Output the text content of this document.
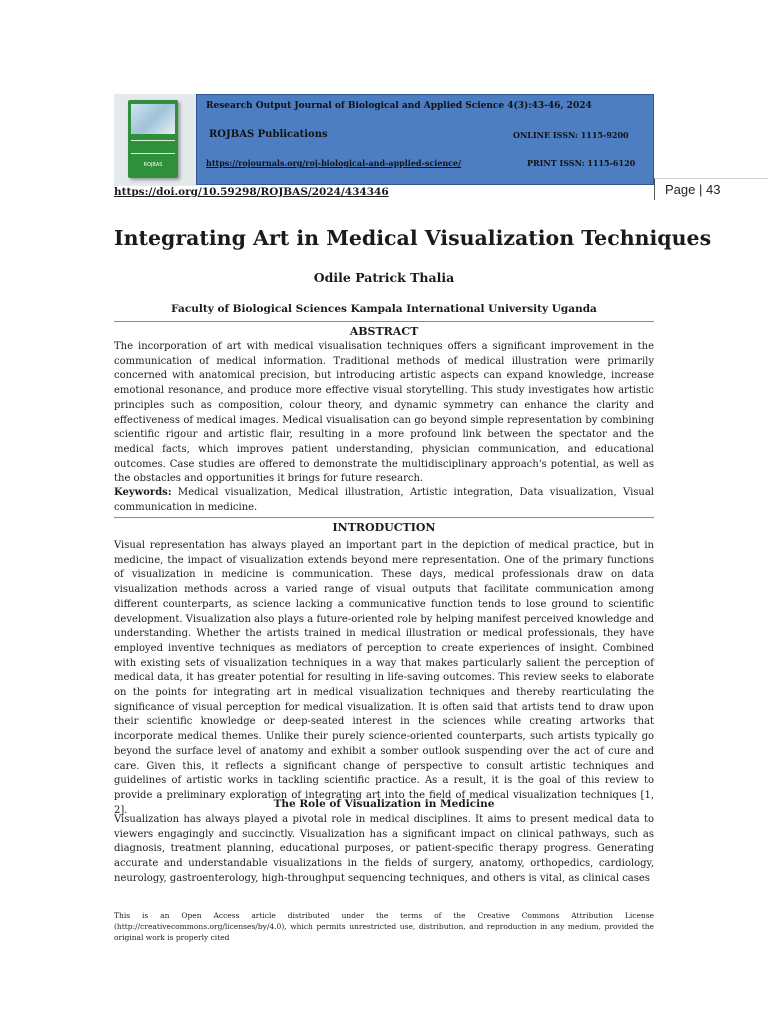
ROJBAS
Research Output Journal of Biological and Applied Science 4(3):43-46, 2024
ROJBAS Publications	ONLINE ISSN: 1115-9200
https://rojournals.org/roj-biological-and-applied-science/	PRINT ISSN: 1115-6120
https://doi.org/10.59298/ROJBAS/2024/434346	Page | 43
Integrating Art in Medical Visualization Techniques
Odile Patrick Thalia
Faculty of Biological Sciences Kampala International University Uganda
ABSTRACT

The incorporation of art with medical visualisation techniques offers a significant improvement in the communication of medical information. Traditional methods of medical illustration were primarily concerned with anatomical precision, but introducing artistic aspects can expand knowledge, increase emotional resonance, and produce more effective visual storytelling. This study investigates how artistic principles such as composition, colour theory, and dynamic symmetry can enhance the clarity and effectiveness of medical images. Medical visualisation can go beyond simple representation by combining scientific rigour and artistic flair, resulting in a more profound link between the spectator and the medical facts, which improves patient understanding, physician communication, and educational outcomes. Case studies are offered to demonstrate the multidisciplinary approach's potential, as well as the obstacles and opportunities it brings for future research.

Keywords: Medical visualization, Medical illustration, Artistic integration, Data visualization, Visual communication in medicine.

INTRODUCTION

Visual representation has always played an important part in the depiction of medical practice, but in medicine, the impact of visualization extends beyond mere representation. One of the primary functions of visualization in medicine is communication. These days, medical professionals draw on data visualization methods across a varied range of visual outputs that facilitate communication among different counterparts, as science lacking a communicative function tends to lose ground to scientific development. Visualization also plays a future-oriented role by helping manifest perceived knowledge and understanding. Whether the artists trained in medical illustration or medical professionals, they have employed inventive techniques as mediators of perception to create experiences of insight. Combined with existing sets of visualization techniques in a way that makes particularly salient the perception of medical data, it has greater potential for resulting in life-saving outcomes. This review seeks to elaborate on the points for integrating art in medical visualization techniques and thereby rearticulating the significance of visual perception for medical visualization. It is often said that artists tend to draw upon their scientific knowledge or deep-seated interest in the sciences while creating artworks that incorporate medical themes. Unlike their purely science-oriented counterparts, such artists typically go beyond the surface level of anatomy and exhibit a somber outlook suspending over the act of cure and care. Given this, it reflects a significant change of perspective to consult artistic techniques and guidelines of artistic works in tackling scientific practice. As a result, it is the goal of this review to provide a preliminary exploration of integrating art into the field of medical visualization techniques [1, 2].

The Role of Visualization in Medicine

Visualization has always played a pivotal role in medical disciplines. It aims to present medical data to viewers engagingly and succinctly. Visualization has a significant impact on clinical pathways, such as diagnosis, treatment planning, educational purposes, or patient-specific therapy progress. Generating accurate and understandable visualizations in the fields of surgery, anatomy, orthopedics, cardiology, neurology, gastroenterology, high-throughput sequencing techniques, and others is vital, as clinical cases

This is an Open Access article distributed under the terms of the Creative Commons Attribution License (http://creativecommons.org/licenses/by/4.0), which permits unrestricted use, distribution, and reproduction in any medium, provided the original work is properly cited
